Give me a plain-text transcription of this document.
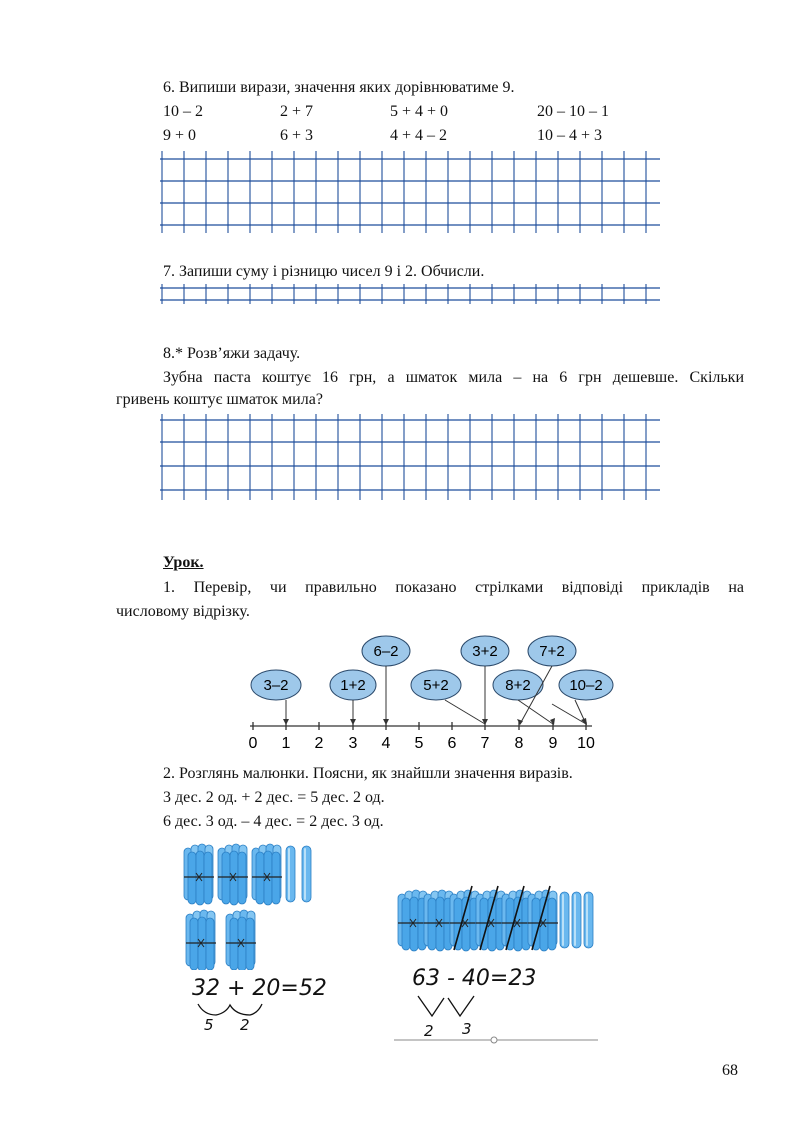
6. Випиши вирази, значення яких дорівнюватиме 9.
10 – 2	2 + 7	5 + 4 + 0	20 – 10 – 1
9 + 0	6 + 3	4 + 4 – 2	10 – 4 + 3
7. Запиши суму і різницю чисел 9 і 2. Обчисли.
8.* Розв’яжи задачу.
Зубна паста коштує 16 грн, а шматок мила – на 6 грн дешевше. Скільки
гривень коштує шматок мила?
Урок.
1. Перевір, чи правильно показано стрілками відповіді прикладів на
числовому відрізку.
3–2	1+2
6–2
5+2
3+2	7+2
8+2	10–2
0 1 2 3 4 5 6 7 8 9 10
2. Розглянь малюнки. Поясни, як знайшли значення виразів.
3 дес. 2 од. + 2 дес. = 5 дес. 2 од.
6 дес. 3 од. – 4 дес. = 2 дес. 3 од.
32 + 20=52
5 2
63 - 40=23
2 3
68
